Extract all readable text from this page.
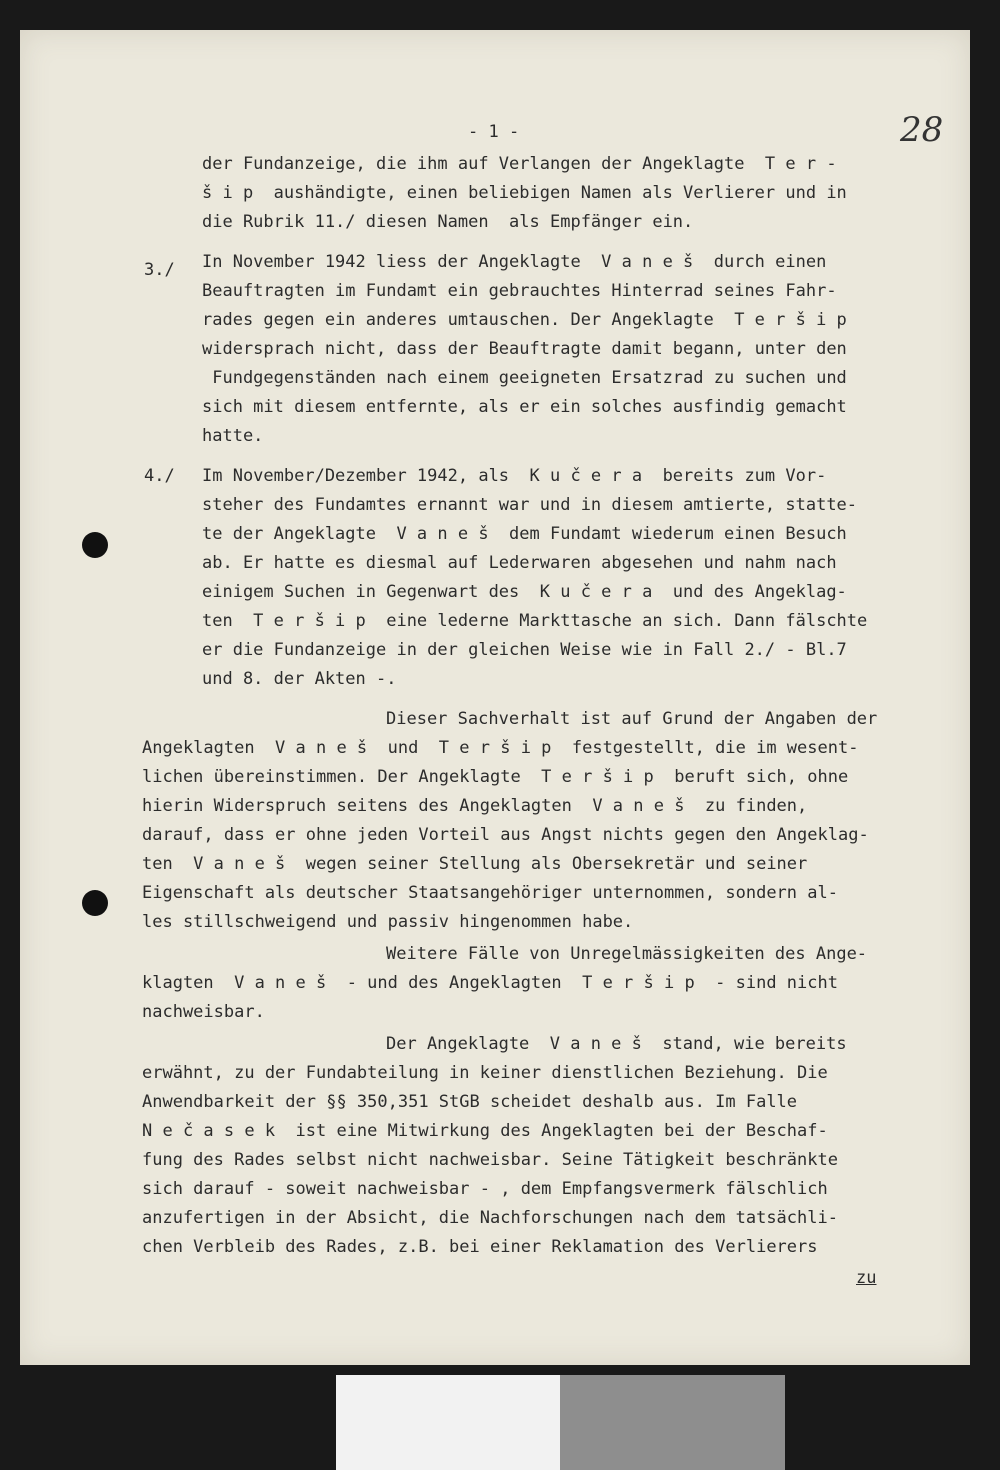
- 1 -	28
3./
4./
der Fundanzeige, die ihm auf Verlangen der Angeklagte  T e r -
š i p  aushändigte, einen beliebigen Namen als Verlierer und in
die Rubrik 11./ diesen Namen  als Empfänger ein.
In November 1942 liess der Angeklagte  V a n e š  durch einen
Beauftragten im Fundamt ein gebrauchtes Hinterrad seines Fahr-
rades gegen ein anderes umtauschen. Der Angeklagte  T e r š i p
widersprach nicht, dass der Beauftragte damit begann, unter den
Fundgegenständen nach einem geeigneten Ersatzrad zu suchen und
sich mit diesem entfernte, als er ein solches ausfindig gemacht
hatte.
Im November/Dezember 1942, als  K u č e r a  bereits zum Vor-
steher des Fundamtes ernannt war und in diesem amtierte, statte-
te der Angeklagte  V a n e š  dem Fundamt wiederum einen Besuch
ab. Er hatte es diesmal auf Lederwaren abgesehen und nahm nach
einigem Suchen in Gegenwart des  K u č e r a  und des Angeklag-
ten  T e r š i p  eine lederne Markttasche an sich. Dann fälschte
er die Fundanzeige in der gleichen Weise wie in Fall 2./ - Bl.7
und 8. der Akten -.
Dieser Sachverhalt ist auf Grund der Angaben der
Angeklagten  V a n e š  und  T e r š i p  festgestellt, die im wesent-
lichen übereinstimmen. Der Angeklagte  T e r š i p  beruft sich, ohne
hierin Widerspruch seitens des Angeklagten  V a n e š  zu finden,
darauf, dass er ohne jeden Vorteil aus Angst nichts gegen den Angeklag-
ten  V a n e š  wegen seiner Stellung als Obersekretär und seiner
Eigenschaft als deutscher Staatsangehöriger unternommen, sondern al-
les stillschweigend und passiv hingenommen habe.
Weitere Fälle von Unregelmässigkeiten des Ange-
klagten  V a n e š  - und des Angeklagten  T e r š i p  - sind nicht
nachweisbar.
Der Angeklagte  V a n e š  stand, wie bereits
erwähnt, zu der Fundabteilung in keiner dienstlichen Beziehung. Die
Anwendbarkeit der §§ 350,351 StGB scheidet deshalb aus. Im Falle
N e č a s e k  ist eine Mitwirkung des Angeklagten bei der Beschaf-
fung des Rades selbst nicht nachweisbar. Seine Tätigkeit beschränkte
sich darauf - soweit nachweisbar - , dem Empfangsvermerk fälschlich
anzufertigen in der Absicht, die Nachforschungen nach dem tatsächli-
chen Verbleib des Rades, z.B. bei einer Reklamation des Verlierers
zu
